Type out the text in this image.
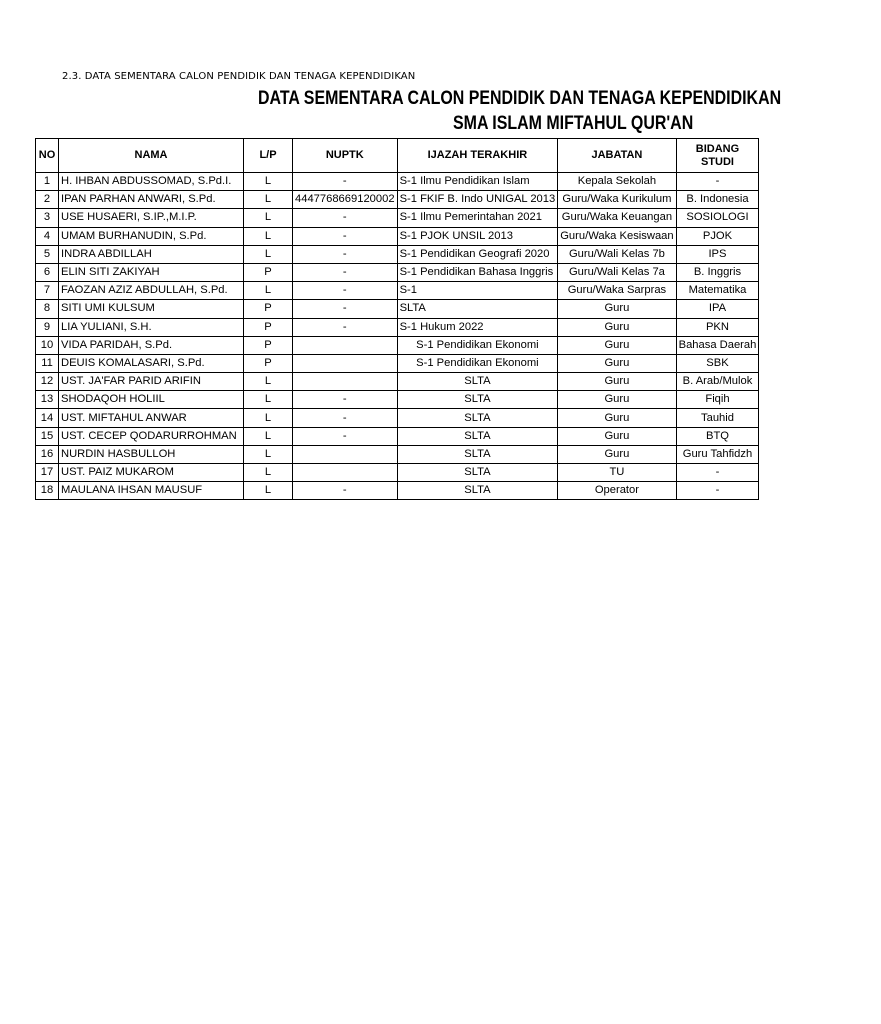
2.3. DATA SEMENTARA CALON PENDIDIK DAN TENAGA KEPENDIDIKAN
DATA SEMENTARA CALON PENDIDIK DAN TENAGA KEPENDIDIKAN
SMA ISLAM MIFTAHUL QUR'AN
NO	NAMA	L/P	NUPTK	IJAZAH TERAKHIR	JABATAN	BIDANG STUDI
1	H. IHBAN ABDUSSOMAD, S.Pd.I.	L	-	S-1 Ilmu Pendidikan Islam	Kepala Sekolah	-
2	IPAN PARHAN ANWARI, S.Pd.	L	4447768669120002	S-1 FKIF B. Indo UNIGAL 2013	Guru/Waka Kurikulum	B. Indonesia
3	USE HUSAERI, S.IP.,M.I.P.	L	-	S-1 Ilmu Pemerintahan 2021	Guru/Waka Keuangan	SOSIOLOGI
4	UMAM BURHANUDIN, S.Pd.	L	-	S-1 PJOK UNSIL 2013	Guru/Waka Kesiswaan	PJOK
5	INDRA ABDILLAH	L	-	S-1 Pendidikan Geografi 2020	Guru/Wali Kelas 7b	IPS
6	ELIN SITI ZAKIYAH	P	-	S-1 Pendidikan Bahasa Inggris	Guru/Wali Kelas 7a	B. Inggris
7	FAOZAN AZIZ ABDULLAH, S.Pd.	L	-	S-1	Guru/Waka Sarpras	Matematika
8	SITI UMI KULSUM	P	-	SLTA	Guru	IPA
9	LIA YULIANI, S.H.	P	-	S-1 Hukum 2022	Guru	PKN
10	VIDA PARIDAH, S.Pd.	P		S-1 Pendidikan Ekonomi	Guru	Bahasa Daerah
11	DEUIS KOMALASARI, S.Pd.	P		S-1 Pendidikan Ekonomi	Guru	SBK
12	UST. JA'FAR PARID ARIFIN	L		SLTA	Guru	B. Arab/Mulok
13	SHODAQOH HOLIIL	L	-	SLTA	Guru	Fiqih
14	UST. MIFTAHUL ANWAR	L	-	SLTA	Guru	Tauhid
15	UST. CECEP QODARURROHMAN	L	-	SLTA	Guru	BTQ
16	NURDIN HASBULLOH	L		SLTA	Guru	Guru Tahfidzh
17	UST. PAIZ MUKAROM	L		SLTA	TU	-
18	MAULANA IHSAN MAUSUF	L	-	SLTA	Operator	-
